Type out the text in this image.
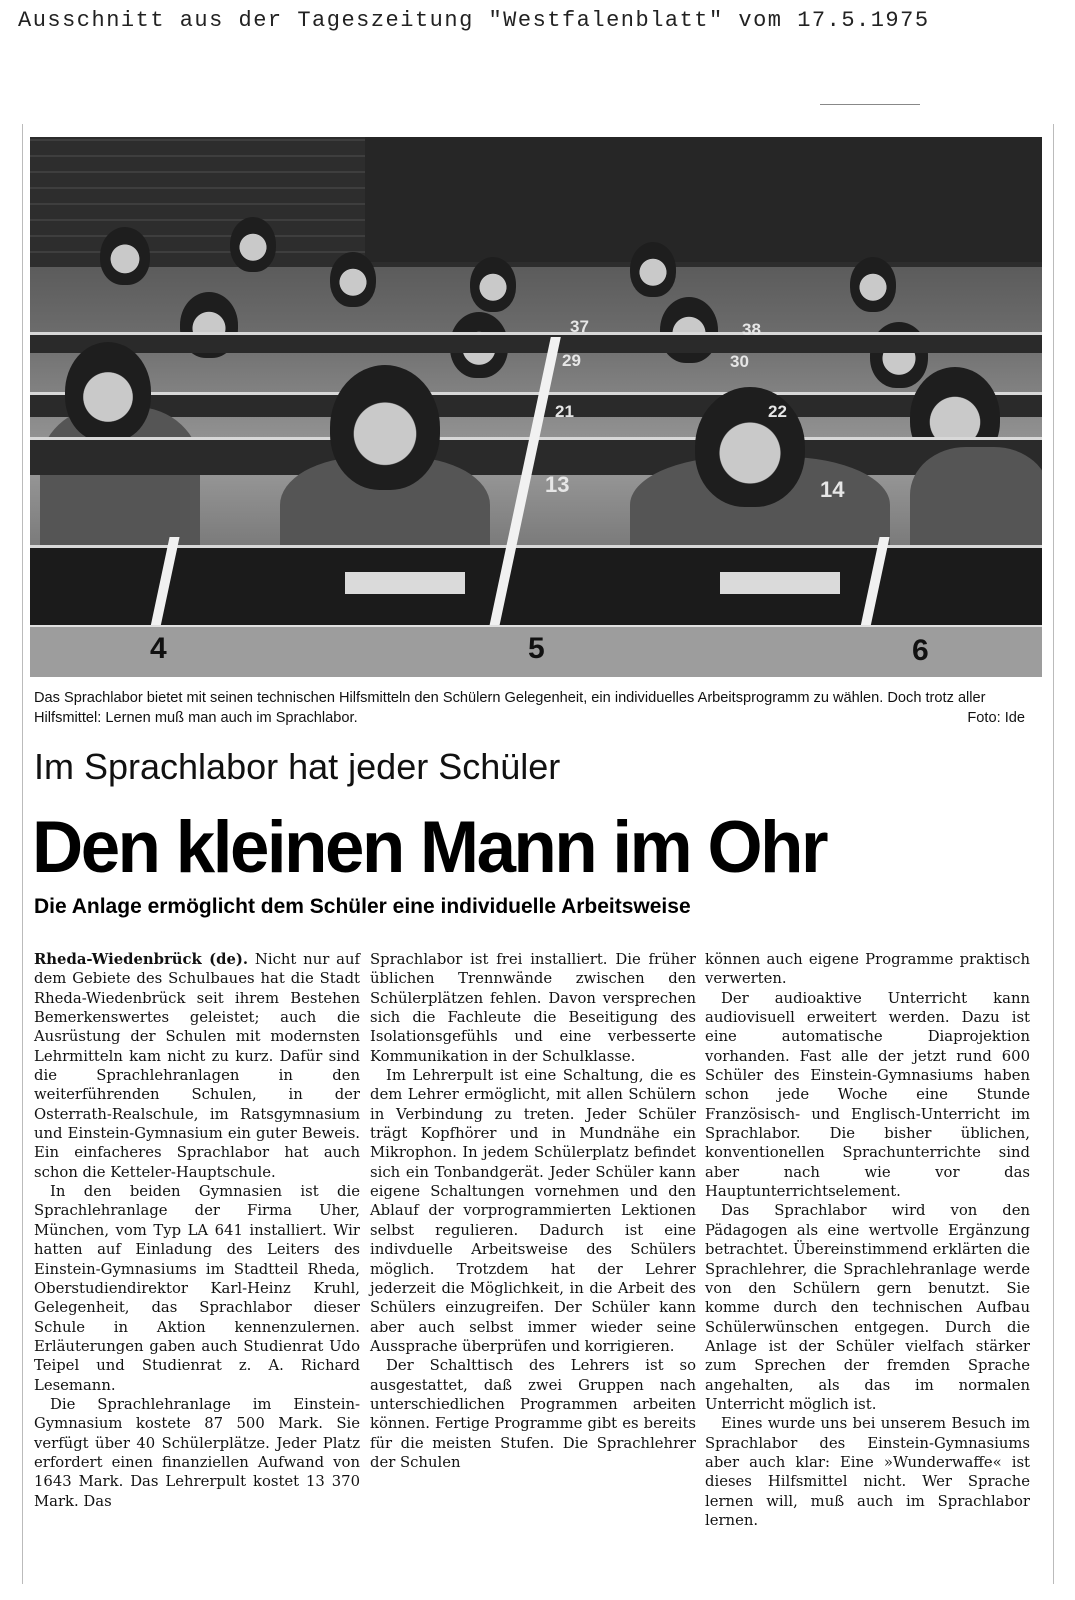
Ausschnitt aus der Tageszeitung "Westfalenblatt" vom 17.5.1975
37	38
29	30
21	22
13	14
4	5	6
Das Sprachlabor bietet mit seinen technischen Hilfsmitteln den Schülern Gelegenheit, ein individuelles Arbeitsprogramm zu wählen. Doch trotz aller Hilfsmittel: Lernen muß man auch im Sprachlabor.	Foto: Ide
Im Sprachlabor hat jeder Schüler
Den kleinen Mann im Ohr
Die Anlage ermöglicht dem Schüler eine individuelle Arbeitsweise

Rheda-Wiedenbrück (de). Nicht nur auf dem Gebiete des Schulbaues hat die Stadt Rheda-Wiedenbrück seit ihrem Bestehen Bemerkenswertes geleistet; auch die Ausrüstung der Schulen mit modernsten Lehrmitteln kam nicht zu kurz. Dafür sind die Sprachlehranlagen in den weiterführenden Schulen, in der Osterrath-Realschule, im Ratsgymnasium und Einstein-Gymnasium ein guter Beweis. Ein einfacheres Sprachlabor hat auch schon die Ketteler-Hauptschule.

In den beiden Gymnasien ist die Sprachlehranlage der Firma Uher, München, vom Typ LA 641 installiert. Wir hatten auf Einladung des Leiters des Einstein-Gymnasiums im Stadtteil Rheda, Oberstudiendirektor Karl-Heinz Kruhl, Gelegenheit, das Sprachlabor dieser Schule in Aktion kennenzulernen. Erläuterungen gaben auch Studienrat Udo Teipel und Studienrat z. A. Richard Lesemann.

Die Sprachlehranlage im Einstein-Gymnasium kostete 87 500 Mark. Sie verfügt über 40 Schülerplätze. Jeder Platz erfordert einen finanziellen Aufwand von 1643 Mark. Das Lehrerpult kostet 13 370 Mark. Das

Sprachlabor ist frei installiert. Die früher üblichen Trennwände zwischen den Schülerplätzen fehlen. Davon versprechen sich die Fachleute die Beseitigung des Isolationsgefühls und eine verbesserte Kommunikation in der Schulklasse.

Im Lehrerpult ist eine Schaltung, die es dem Lehrer ermöglicht, mit allen Schülern in Verbindung zu treten. Jeder Schüler trägt Kopfhörer und in Mundnähe ein Mikrophon. In jedem Schülerplatz befindet sich ein Tonbandgerät. Jeder Schüler kann eigene Schaltungen vornehmen und den Ablauf der vorprogrammierten Lektionen selbst regulieren. Dadurch ist eine indivduelle Arbeitsweise des Schülers möglich. Trotzdem hat der Lehrer jederzeit die Möglichkeit, in die Arbeit des Schülers einzugreifen. Der Schüler kann aber auch selbst immer wieder seine Aussprache überprüfen und korrigieren.

Der Schalttisch des Lehrers ist so ausgestattet, daß zwei Gruppen nach unterschiedlichen Programmen arbeiten können. Fertige Programme gibt es bereits für die meisten Stufen. Die Sprachlehrer der Schulen

können auch eigene Programme praktisch verwerten.

Der audioaktive Unterricht kann audiovisuell erweitert werden. Dazu ist eine automatische Diaprojektion vorhanden. Fast alle der jetzt rund 600 Schüler des Einstein-Gymnasiums haben schon jede Woche eine Stunde Französisch- und Englisch-Unterricht im Sprachlabor. Die bisher üblichen, konventionellen Sprachunterrichte sind aber nach wie vor das Hauptunterrichtselement.

Das Sprachlabor wird von den Pädagogen als eine wertvolle Ergänzung betrachtet. Übereinstimmend erklärten die Sprachlehrer, die Sprachlehranlage werde von den Schülern gern benutzt. Sie komme durch den technischen Aufbau Schülerwünschen entgegen. Durch die Anlage ist der Schüler vielfach stärker zum Sprechen der fremden Sprache angehalten, als das im normalen Unterricht möglich ist.

Eines wurde uns bei unserem Besuch im Sprachlabor des Einstein-Gymnasiums aber auch klar: Eine »Wunderwaffe« ist dieses Hilfsmittel nicht. Wer Sprache lernen will, muß auch im Sprachlabor lernen.
